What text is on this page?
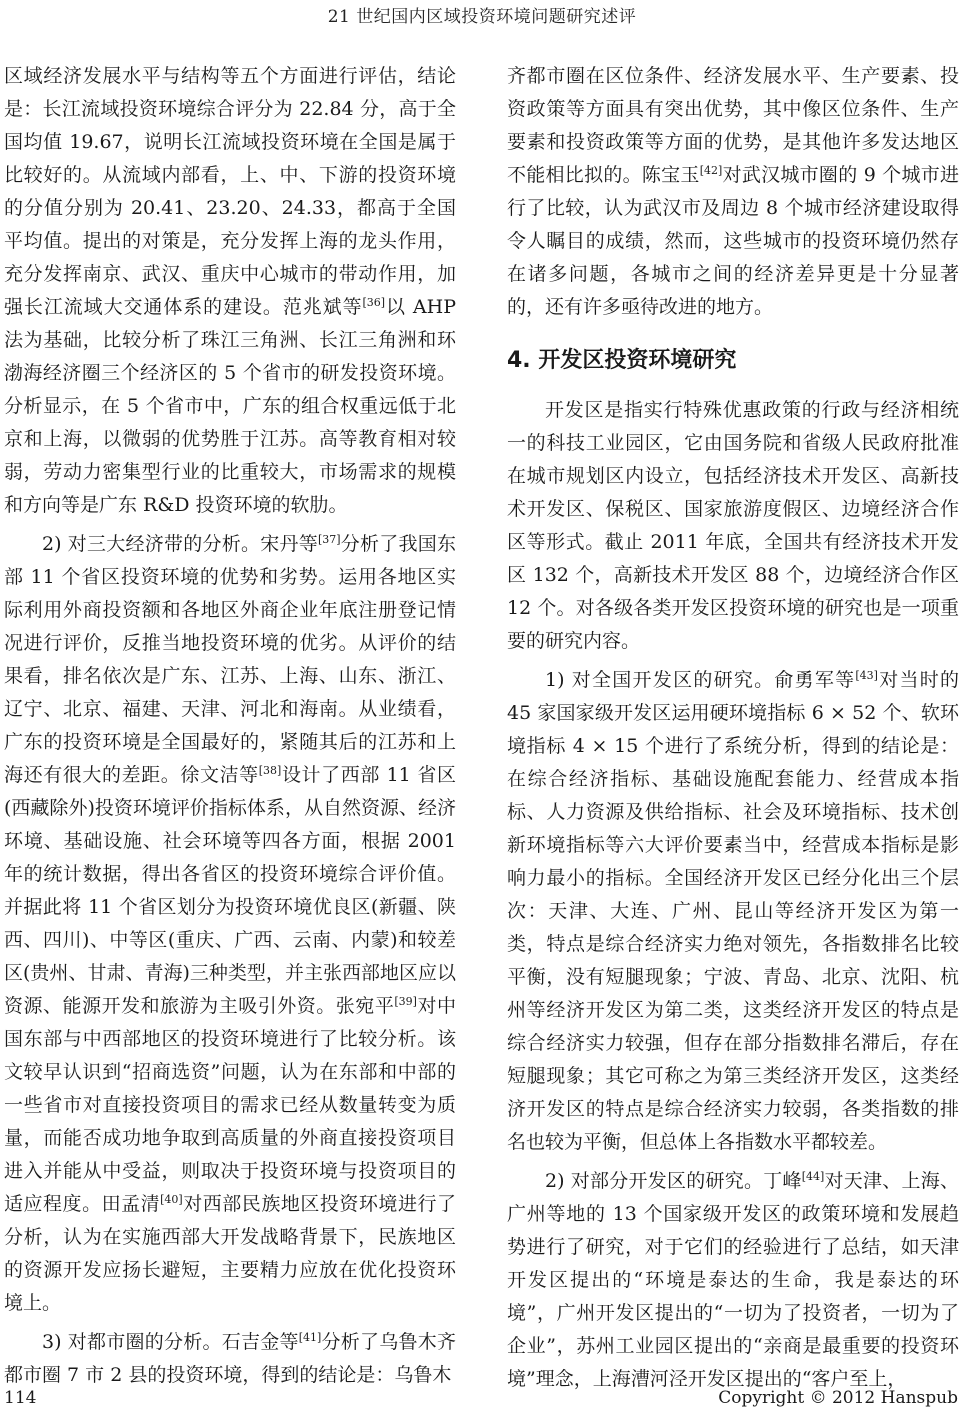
21 世纪国内区域投资环境问题研究述评

区域经济发展水平与结构等五个方面进行评估，结论是：长江流域投资环境综合评分为 22.84 分，高于全国均值 19.67，说明长江流域投资环境在全国是属于比较好的。从流域内部看，上、中、下游的投资环境的分值分别为 20.41、23.20、24.33，都高于全国平均值。提出的对策是，充分发挥上海的龙头作用，充分发挥南京、武汉、重庆中心城市的带动作用，加强长江流域大交通体系的建设。范兆斌等[36]以 AHP 法为基础，比较分析了珠江三角洲、长江三角洲和环渤海经济圈三个经济区的 5 个省市的研发投资环境。分析显示，在 5 个省市中，广东的组合权重远低于北京和上海，以微弱的优势胜于江苏。高等教育相对较弱，劳动力密集型行业的比重较大，市场需求的规模和方向等是广东 R&D 投资环境的软肋。

2) 对三大经济带的分析。宋丹等[37]分析了我国东部 11 个省区投资环境的优势和劣势。运用各地区实际利用外商投资额和各地区外商企业年底注册登记情况进行评价，反推当地投资环境的优劣。从评价的结果看，排名依次是广东、江苏、上海、山东、浙江、辽宁、北京、福建、天津、河北和海南。从业绩看，广东的投资环境是全国最好的，紧随其后的江苏和上海还有很大的差距。徐文洁等[38]设计了西部 11 省区(西藏除外)投资环境评价指标体系，从自然资源、经济环境、基础设施、社会环境等四各方面，根据 2001 年的统计数据，得出各省区的投资环境综合评价值。并据此将 11 个省区划分为投资环境优良区(新疆、陕西、四川)、中等区(重庆、广西、云南、内蒙)和较差区(贵州、甘肃、青海)三种类型，并主张西部地区应以资源、能源开发和旅游为主吸引外资。张宛平[39]对中国东部与中西部地区的投资环境进行了比较分析。该文较早认识到“招商选资”问题，认为在东部和中部的一些省市对直接投资项目的需求已经从数量转变为质量，而能否成功地争取到高质量的外商直接投资项目进入并能从中受益，则取决于投资环境与投资项目的适应程度。田孟清[40]对西部民族地区投资环境进行了分析，认为在实施西部大开发战略背景下，民族地区的资源开发应扬长避短，主要精力应放在优化投资环境上。

3) 对都市圈的分析。石吉金等[41]分析了乌鲁木齐都市圈 7 市 2 县的投资环境，得到的结论是：乌鲁木

齐都市圈在区位条件、经济发展水平、生产要素、投资政策等方面具有突出优势，其中像区位条件、生产要素和投资政策等方面的优势，是其他许多发达地区不能相比拟的。陈宝玉[42]对武汉城市圈的 9 个城市进行了比较，认为武汉市及周边 8 个城市经济建设取得令人瞩目的成绩，然而，这些城市的投资环境仍然存在诸多问题，各城市之间的经济差异更是十分显著的，还有许多亟待改进的地方。

4. 开发区投资环境研究

开发区是指实行特殊优惠政策的行政与经济相统一的科技工业园区，它由国务院和省级人民政府批准在城市规划区内设立，包括经济技术开发区、高新技术开发区、保税区、国家旅游度假区、边境经济合作区等形式。截止 2011 年底，全国共有经济技术开发区 132 个，高新技术开发区 88 个，边境经济合作区 12 个。对各级各类开发区投资环境的研究也是一项重要的研究内容。

1) 对全国开发区的研究。俞勇军等[43]对当时的 45 家国家级开发区运用硬环境指标 6 × 52 个、软环境指标 4 × 15 个进行了系统分析，得到的结论是：在综合经济指标、基础设施配套能力、经营成本指标、人力资源及供给指标、社会及环境指标、技术创新环境指标等六大评价要素当中，经营成本指标是影响力最小的指标。全国经济开发区已经分化出三个层次：天津、大连、广州、昆山等经济开发区为第一类，特点是综合经济实力绝对领先，各指数排名比较平衡，没有短腿现象；宁波、青岛、北京、沈阳、杭州等经济开发区为第二类，这类经济开发区的特点是综合经济实力较强，但存在部分指数排名滞后，存在短腿现象；其它可称之为第三类经济开发区，这类经济开发区的特点是综合经济实力较弱，各类指数的排名也较为平衡，但总体上各指数水平都较差。

2) 对部分开发区的研究。丁峰[44]对天津、上海、广州等地的 13 个国家级开发区的政策环境和发展趋势进行了研究，对于它们的经验进行了总结，如天津开发区提出的“环境是泰达的生命，我是泰达的环境”，广州开发区提出的“一切为了投资者，一切为了企业”，苏州工业园区提出的“亲商是最重要的投资环境”理念，上海漕河泾开发区提出的“客户至上，

114	Copyright © 2012 Hanspub
